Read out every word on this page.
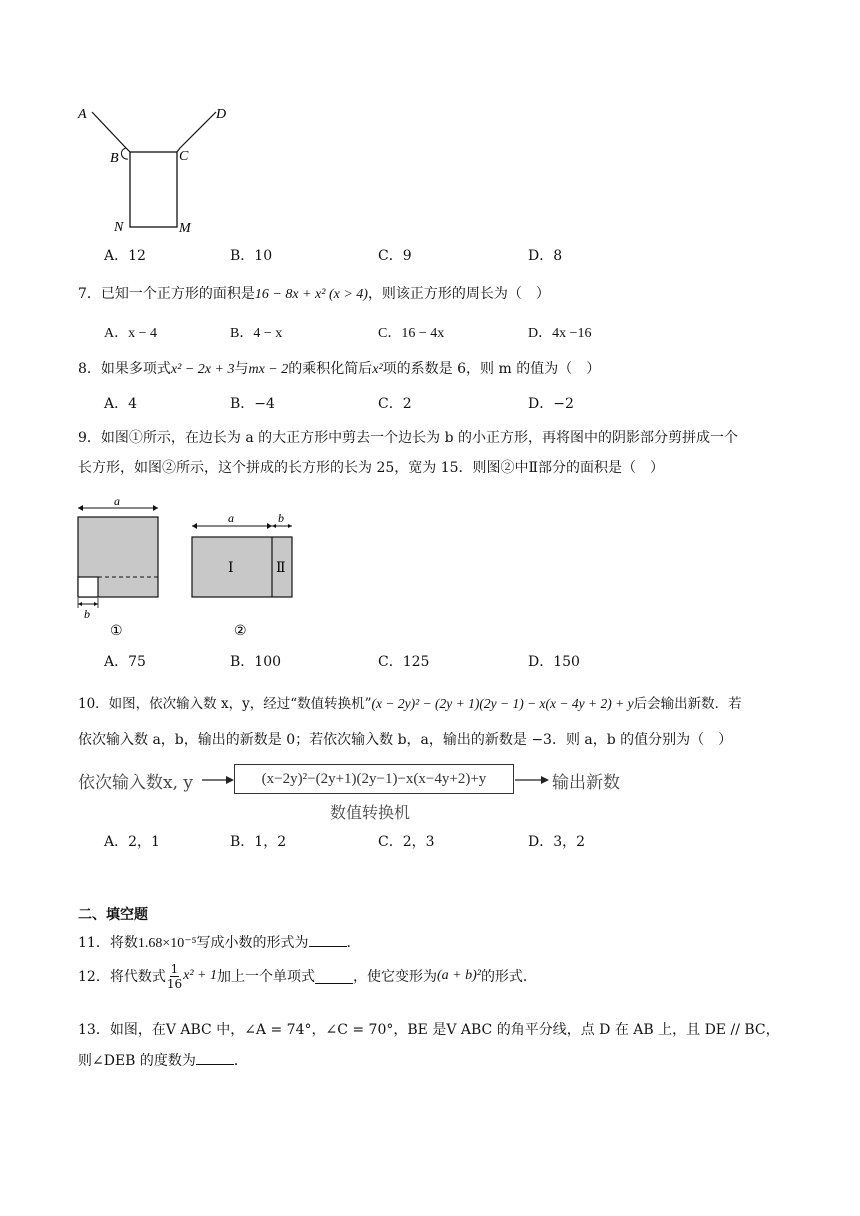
A	D
B	C
N	M
A．12	B．10	C．9	D．8
7．已知一个正方形的面积是16 − 8x + x² (x > 4)，则该正方形的周长为（　）
A．x − 4	B．4 − x	C．16 − 4x	D．4x −16
8．如果多项式x² − 2x + 3与mx − 2的乘积化简后x²项的系数是 6，则 m 的值为（　）
A．4	B．−4	C．2	D．−2
9．如图①所示，在边长为 a 的大正方形中剪去一个边长为 b 的小正方形，再将图中的阴影部分剪拼成一个
长方形，如图②所示，这个拼成的长方形的长为 25，宽为 15．则图②中Ⅱ部分的面积是（　）
a
b
①
a	b
Ⅰ	Ⅱ
②
A．75	B．100	C．125	D．150
10．如图，依次输入数 x，y，经过“数值转换机”(x − 2y)² − (2y + 1)(2y − 1) − x(x − 4y + 2) + y后会输出新数．若
依次输入数 a，b，输出的新数是 0；若依次输入数 b，a，输出的新数是 −3．则 a，b 的值分别为（　）
依次输入数x, y	(x−2y)²−(2y+1)(2y−1)−x(x−4y+2)+y	输出新数
数值转换机
A．2，1	B．1，2	C．2，3	D．3，2
二、填空题
11．将数1.68×10⁻⁵写成小数的形式为	．
12．将代数式 $\frac{1}{16} x^2 + 1$ 加上一个单项式	，使它变形为 (a + b)² 的形式．
13．如图，在V ABC 中，∠A = 74°，∠C = 70°，BE 是V ABC 的角平分线，点 D 在 AB 上，且 DE // BC，
则∠DEB 的度数为	．
